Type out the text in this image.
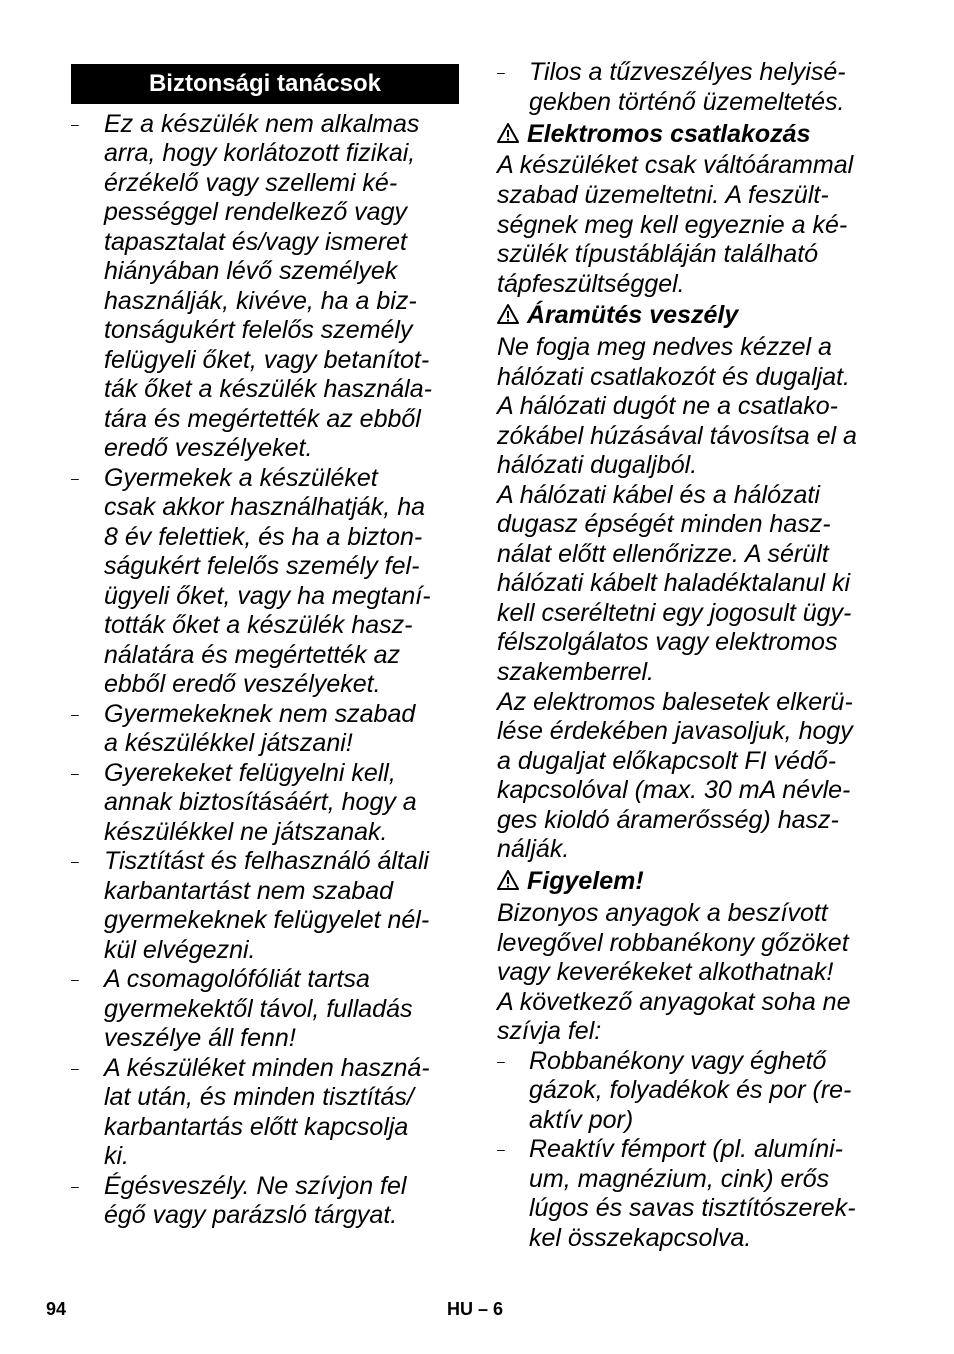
Biztonsági tanácsok
– Ez a készülék nem alkalmas
arra, hogy korlátozott fizikai,
érzékelő vagy szellemi ké-
pességgel rendelkező vagy
tapasztalat és/vagy ismeret
hiányában lévő személyek
használják, kivéve, ha a biz-
tonságukért felelős személy
felügyeli őket, vagy betanítot-
ták őket a készülék használa-
tára és megértették az ebből
eredő veszélyeket.
– Gyermekek a készüléket
csak akkor használhatják, ha
8 év felettiek, és ha a bizton-
ságukért felelős személy fel-
ügyeli őket, vagy ha megtaní-
tották őket a készülék hasz-
nálatára és megértették az
ebből eredő veszélyeket.
– Gyermekeknek nem szabad
a készülékkel játszani!
– Gyerekeket felügyelni kell,
annak biztosításáért, hogy a
készülékkel ne játszanak.
– Tisztítást és felhasználó általi
karbantartást nem szabad
gyermekeknek felügyelet nél-
kül elvégezni.
– A csomagolófóliát tartsa
gyermekektől távol, fulladás
veszélye áll fenn!
– A készüléket minden haszná-
lat után, és minden tisztítás/
karbantartás előtt kapcsolja
ki.
– Égésveszély. Ne szívjon fel
égő vagy parázsló tárgyat.
– Tilos a tűzveszélyes helyisé-
gekben történő üzemeltetés.
Elektromos csatlakozás
A készüléket csak váltóárammal
szabad üzemeltetni. A feszült-
ségnek meg kell egyeznie a ké-
szülék típustábláján található
tápfeszültséggel.
Áramütés veszély
Ne fogja meg nedves kézzel a
hálózati csatlakozót és dugaljat.
A hálózati dugót ne a csatlako-
zókábel húzásával távosítsa el a
hálózati dugaljból.
A hálózati kábel és a hálózati
dugasz épségét minden hasz-
nálat előtt ellenőrizze. A sérült
hálózati kábelt haladéktalanul ki
kell cseréltetni egy jogosult ügy-
félszolgálatos vagy elektromos
szakemberrel.
Az elektromos balesetek elkerü-
lése érdekében javasoljuk, hogy
a dugaljat előkapcsolt FI védő-
kapcsolóval (max. 30 mA névle-
ges kioldó áramerősség) hasz-
nálják.
Figyelem!
Bizonyos anyagok a beszívott
levegővel robbanékony gőzöket
vagy keverékeket alkothatnak!
A következő anyagokat soha ne
szívja fel:
– Robbanékony vagy éghető
gázok, folyadékok és por (re-
aktív por)
– Reaktív fémport (pl. alumíni-
um, magnézium, cink) erős
lúgos és savas tisztítószerek-
kel összekapcsolva.
94	HU – 6
